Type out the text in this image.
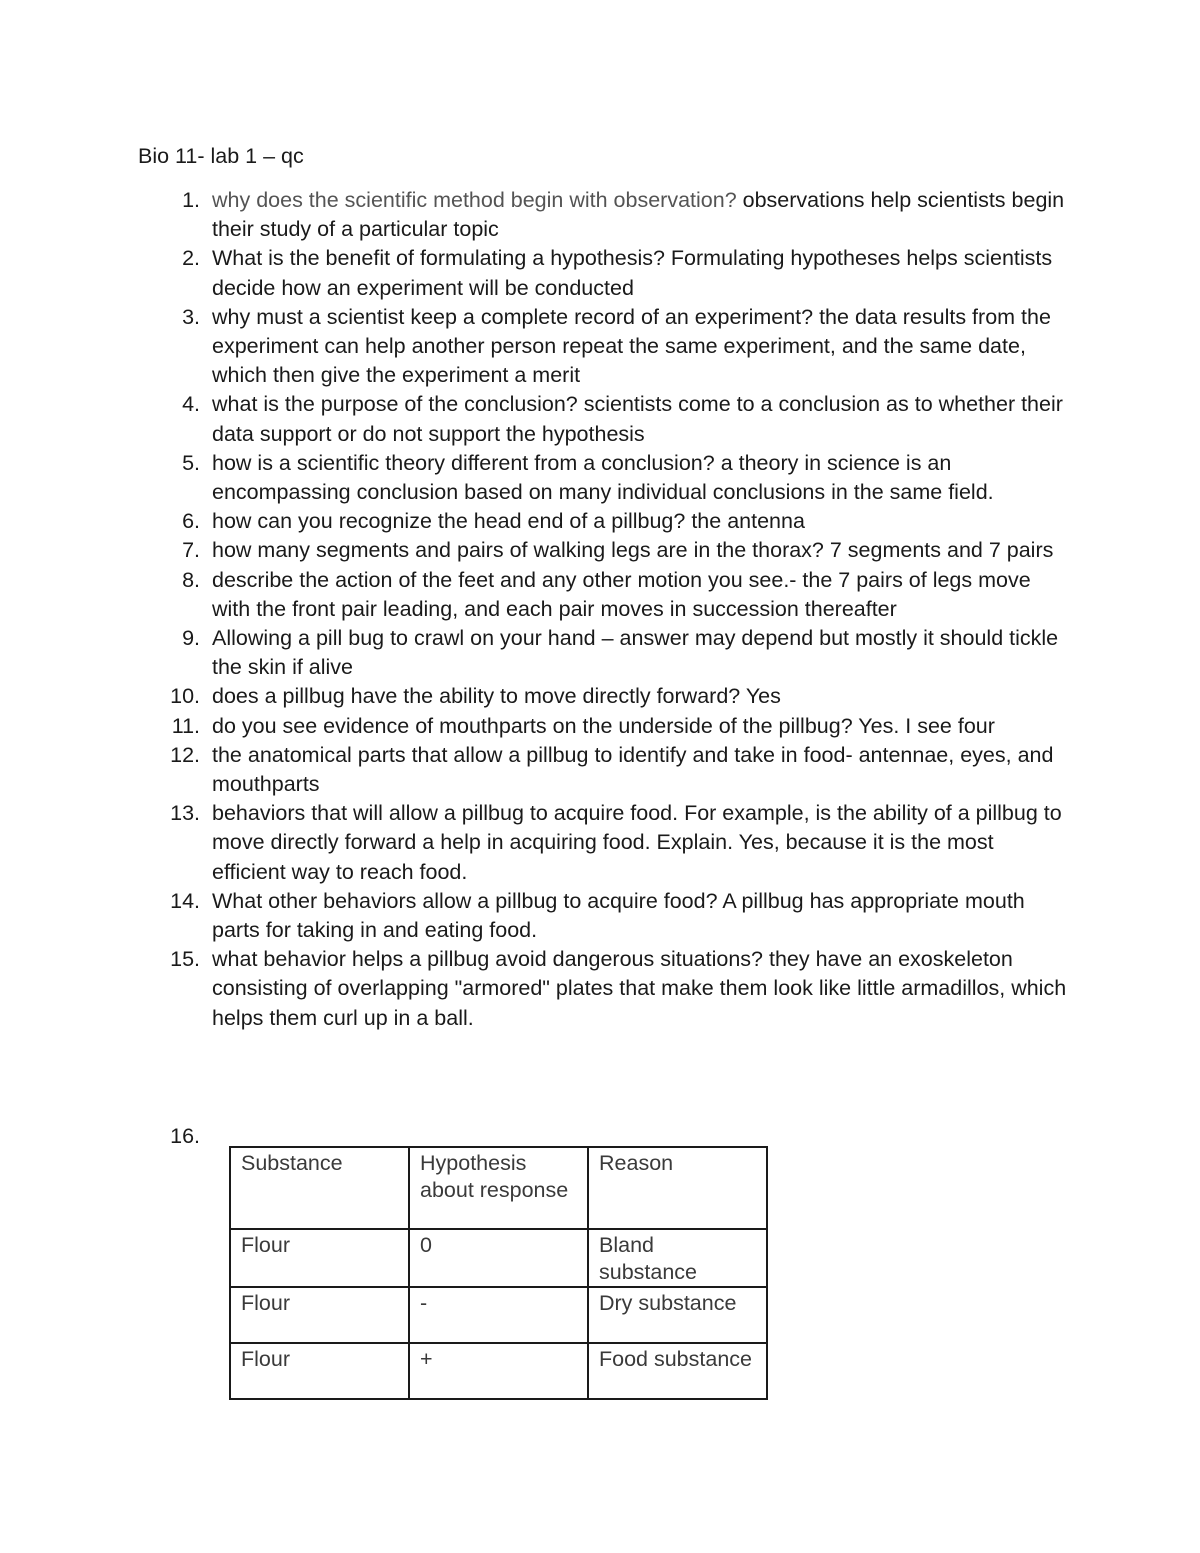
Bio 11- lab 1 – qc
1. why does the scientific method begin with observation? observations help scientists begin their study of a particular topic
2. What is the benefit of formulating a hypothesis? Formulating hypotheses helps scientists decide how an experiment will be conducted
3. why must a scientist keep a complete record of an experiment? the data results from the experiment can help another person repeat the same experiment, and the same date, which then give the experiment a merit
4. what is the purpose of the conclusion? scientists come to a conclusion as to whether their data support or do not support the hypothesis
5. how is a scientific theory different from a conclusion? a theory in science is an encompassing conclusion based on many individual conclusions in the same field.
6. how can you recognize the head end of a pillbug? the antenna
7. how many segments and pairs of walking legs are in the thorax? 7 segments and 7 pairs
8. describe the action of the feet and any other motion you see.- the 7 pairs of legs move with the front pair leading, and each pair moves in succession thereafter
9. Allowing a pill bug to crawl on your hand – answer may depend but mostly it should tickle the skin if alive
10. does a pillbug have the ability to move directly forward? Yes
11. do you see evidence of mouthparts on the underside of the pillbug? Yes. I see four
12. the anatomical parts that allow a pillbug to identify and take in food- antennae, eyes, and mouthparts
13. behaviors that will allow a pillbug to acquire food. For example, is the ability of a pillbug to move directly forward a help in acquiring food. Explain. Yes, because it is the most efficient way to reach food.
14. What other behaviors allow a pillbug to acquire food? A pillbug has appropriate mouth parts for taking in and eating food.
15. what behavior helps a pillbug avoid dangerous situations? they have an exoskeleton consisting of overlapping "armored" plates that make them look like little armadillos, which helps them curl up in a ball.
16.
Substance	Hypothesis about response	Reason
Flour	0	Bland substance
Flour	-	Dry substance
Flour	+	Food substance
